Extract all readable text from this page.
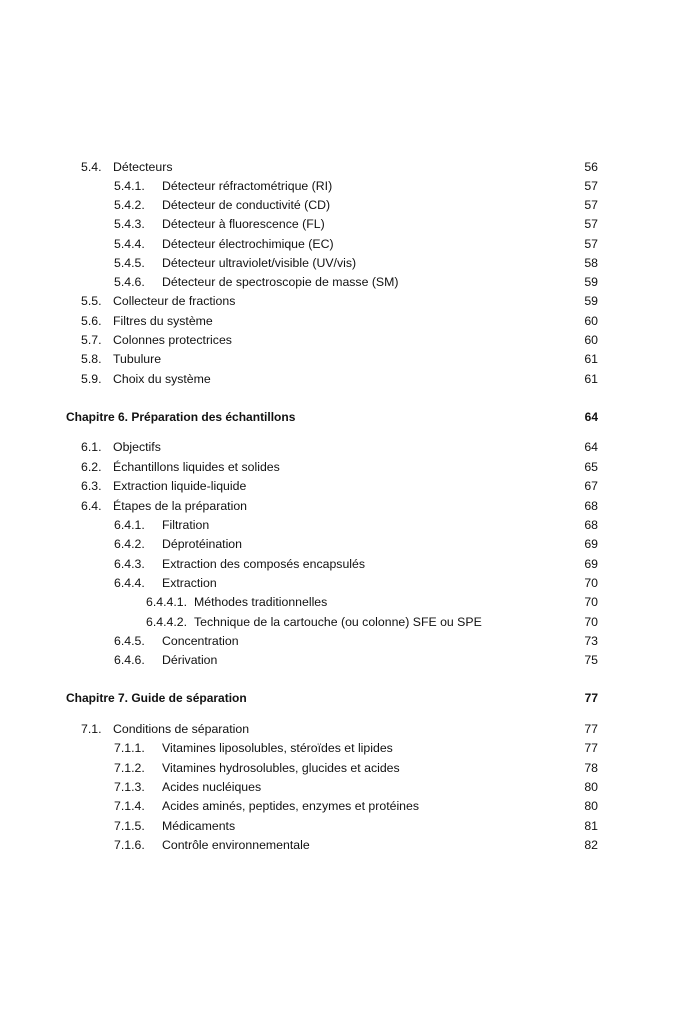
5.4. Détecteurs	56
5.4.1. Détecteur réfractométrique (RI)	57
5.4.2. Détecteur de conductivité (CD)	57
5.4.3. Détecteur à fluorescence (FL)	57
5.4.4. Détecteur électrochimique (EC)	57
5.4.5. Détecteur ultraviolet/visible (UV/vis)	58
5.4.6. Détecteur de spectroscopie de masse (SM)	59
5.5. Collecteur de fractions	59
5.6. Filtres du système	60
5.7. Colonnes protectrices	60
5.8. Tubulure	61
5.9. Choix du système	61
Chapitre 6. Préparation des échantillons	64
6.1. Objectifs	64
6.2. Échantillons liquides et solides	65
6.3. Extraction liquide-liquide	67
6.4. Étapes de la préparation	68
6.4.1. Filtration	68
6.4.2. Déprotéination	69
6.4.3. Extraction des composés encapsulés	69
6.4.4. Extraction	70
6.4.4.1. Méthodes traditionnelles	70
6.4.4.2. Technique de la cartouche (ou colonne) SFE ou SPE	70
6.4.5. Concentration	73
6.4.6. Dérivation	75
Chapitre 7. Guide de séparation	77
7.1. Conditions de séparation	77
7.1.1. Vitamines liposolubles, stéroïdes et lipides	77
7.1.2. Vitamines hydrosolubles, glucides et acides	78
7.1.3. Acides nucléiques	80
7.1.4. Acides aminés, peptides, enzymes et protéines	80
7.1.5. Médicaments	81
7.1.6. Contrôle environnementale	82
